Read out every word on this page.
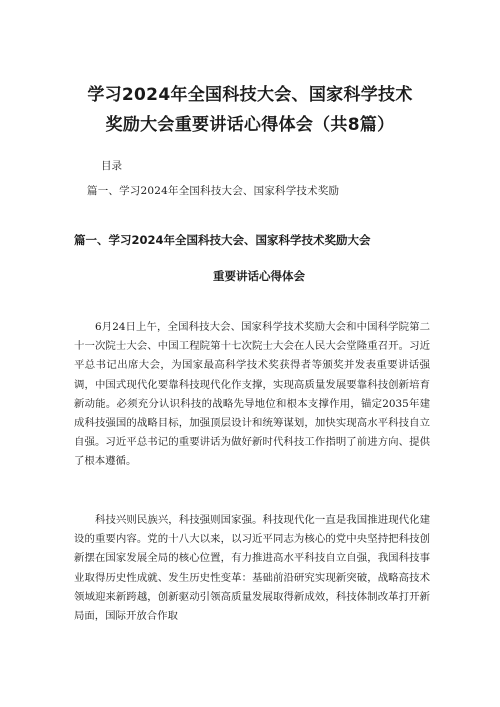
学习2024年全国科技大会、国家科学技术
奖励大会重要讲话心得体会（共8篇）
目录
篇一、学习2024年全国科技大会、国家科学技术奖励
篇一、学习2024年全国科技大会、国家科学技术奖励大会
重要讲话心得体会

6月24日上午，全国科技大会、国家科学技术奖励大会和中国科学院第二十一次院士大会、中国工程院第十七次院士大会在人民大会堂隆重召开。习近平总书记出席大会，为国家最高科学技术奖获得者等颁奖并发表重要讲话强调，中国式现代化要靠科技现代化作支撑，实现高质量发展要靠科技创新培育新动能。必须充分认识科技的战略先导地位和根本支撑作用，锚定2035年建成科技强国的战略目标，加强顶层设计和统筹谋划，加快实现高水平科技自立自强。习近平总书记的重要讲话为做好新时代科技工作指明了前进方向、提供了根本遵循。

科技兴则民族兴，科技强则国家强。科技现代化一直是我国推进现代化建设的重要内容。党的十八大以来，以习近平同志为核心的党中央坚持把科技创新摆在国家发展全局的核心位置，有力推进高水平科技自立自强，我国科技事业取得历史性成就、发生历史性变革：基础前沿研究实现新突破，战略高技术领域迎来新跨越，创新驱动引领高质量发展取得新成效，科技体制改革打开新局面，国际开放合作取
